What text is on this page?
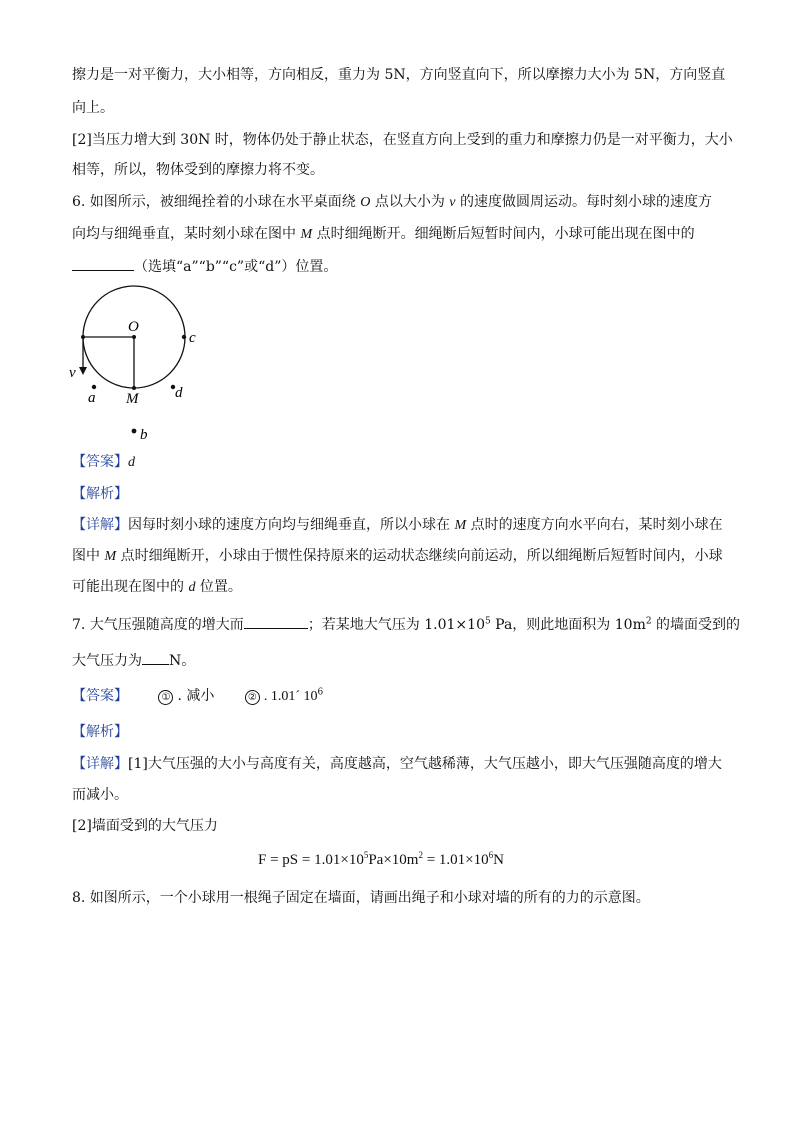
擦力是一对平衡力，大小相等，方向相反，重力为 5N，方向竖直向下，所以摩擦力大小为 5N，方向竖直
向上。
[2]当压力增大到 30N 时，物体仍处于静止状态，在竖直方向上受到的重力和摩擦力仍是一对平衡力，大小
相等，所以，物体受到的摩擦力将不变。
6. 如图所示，被细绳拴着的小球在水平桌面绕 O 点以大小为 v 的速度做圆周运动。每时刻小球的速度方
向均与细绳垂直，某时刻小球在图中 M 点时细绳断开。细绳断后短暂时间内，小球可能出现在图中的
（选填“a”“b”“c”或“d”）位置。
O
c
v
a M d
b
【答案】d
【解析】
【详解】因每时刻小球的速度方向均与细绳垂直，所以小球在 M 点时的速度方向水平向右，某时刻小球在
图中 M 点时细绳断开，小球由于惯性保持原来的运动状态继续向前运动，所以细绳断后短暂时间内，小球
可能出现在图中的 d 位置。
7. 大气压强随高度的增大而	；若某地大气压为 $1.01\times 10^5$ Pa，则此地面积为 $10m^2$ 的墙面受到的
大气压力为 N。
【答案】	① . 减小	② . 1.01´ $10^6$
【解析】
【详解】[1]大气压强的大小与高度有关，高度越高，空气越稀薄，大气压越小，即大气压强随高度的增大
而减小。
[2]墙面受到的大气压力
F = pS = $1.01\times 10^5Pa\times 10m^2 = 1.01\times 10^6N$
8. 如图所示，一个小球用一根绳子固定在墙面，请画出绳子和小球对墙的所有的力的示意图。
